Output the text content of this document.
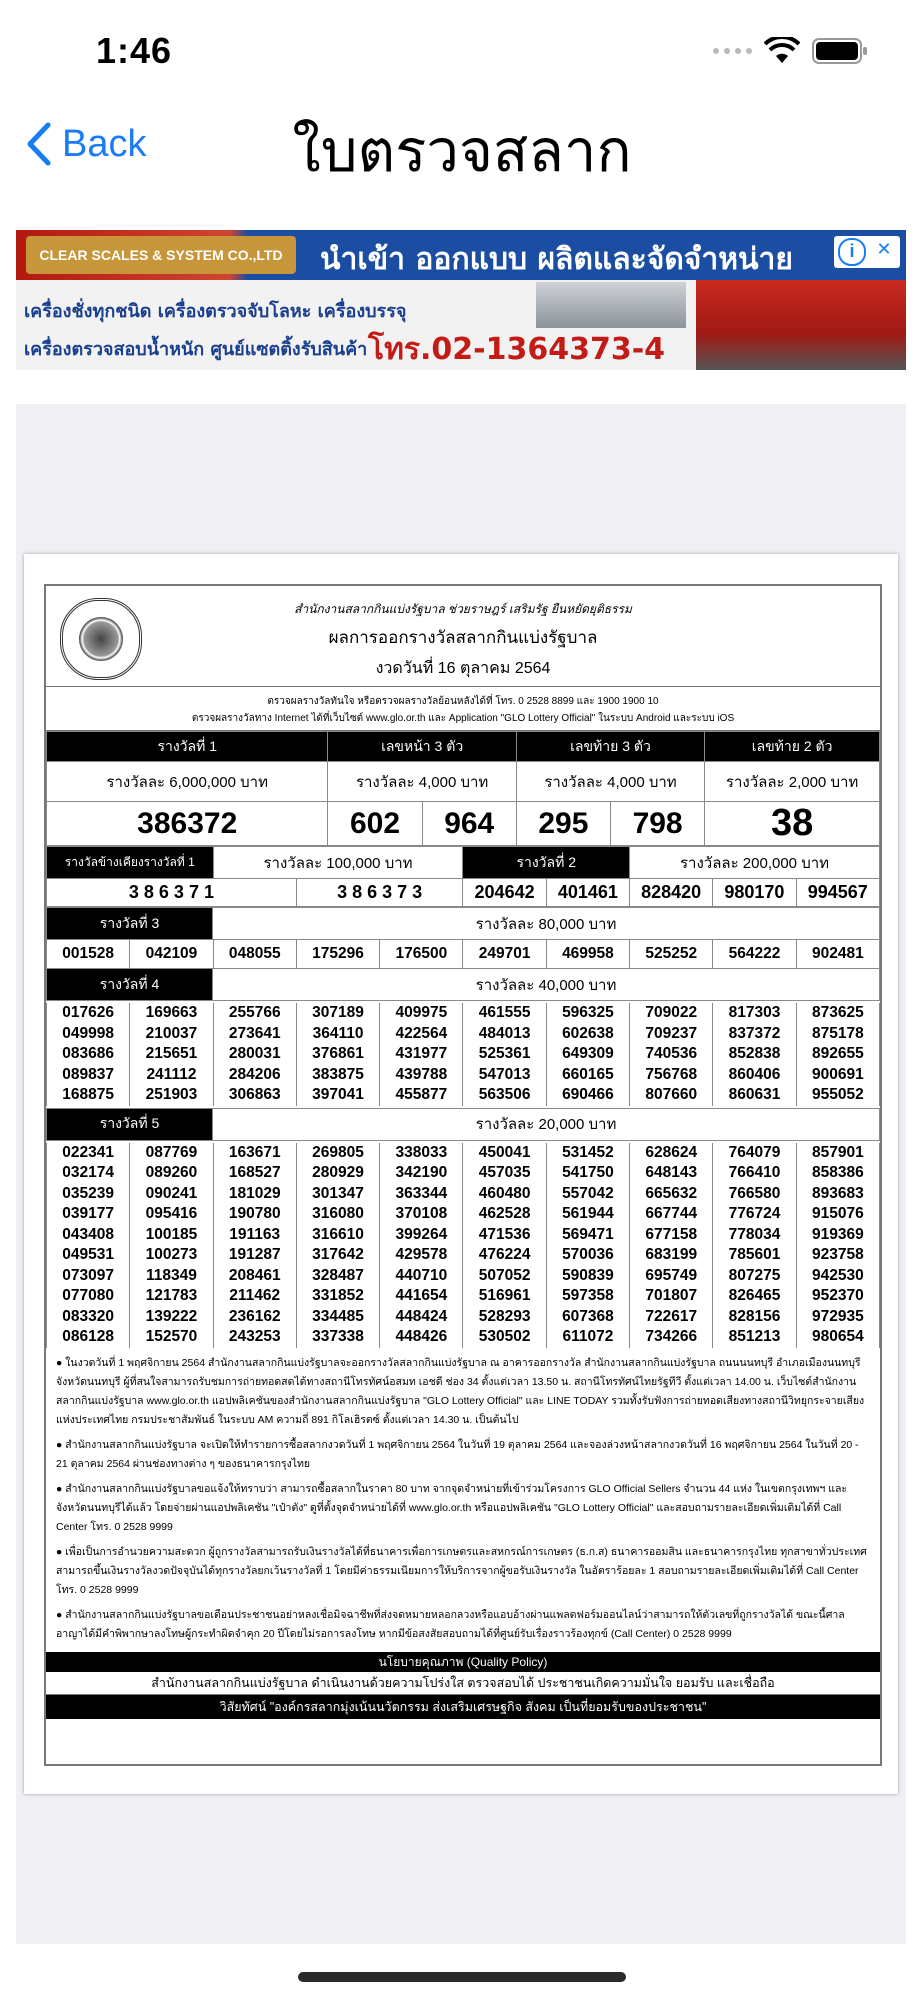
1:46
Back	ใบตรวจสลาก
CLEAR SCALES & SYSTEM CO.,LTD	นำเข้า ออกแบบ ผลิตและจัดจำหน่าย
เครื่องชั่งทุกชนิด เครื่องตรวจจับโลหะ เครื่องบรรจุ
เครื่องตรวจสอบน้ำหนัก ศูนย์แซตติ้งรับสินค้า โทร.02-1364373-4
i	✕
สำนักงานสลากกินแบ่งรัฐบาล ช่วยราษฎร์ เสริมรัฐ ยืนหยัดยุติธรรม
ผลการออกรางวัลสลากกินแบ่งรัฐบาล
งวดวันที่ 16 ตุลาคม 2564
ตรวจผลรางวัลทันใจ หรือตรวจผลรางวัลย้อนหลังได้ที่ โทร. 0 2528 8899 และ 1900 1900 10
ตรวจผลรางวัลทาง Internet ได้ที่เว็บไซต์ www.glo.or.th และ Application "GLO Lottery Official" ในระบบ Android และระบบ iOS
รางวัลที่ 1	เลขหน้า 3 ตัว		เลขท้าย 3 ตัว		เลขท้าย 2 ตัว
รางวัลละ 6,000,000 บาท	รางวัลละ 4,000 บาท		รางวัลละ 4,000 บาท		รางวัลละ 2,000 บาท
386372	602	964	295	798	38
รางวัลข้างเคียงรางวัลที่ 1	รางวัลละ 100,000 บาท		รางวัลที่ 2		รางวัลละ 200,000 บาท		
3 8 6 3 7 1		3 8 6 3 7 3	204642	401461	828420	980170	994567
รางวัลที่ 3	รางวัลละ 80,000 บาท
001528	042109	048055	175296	176500	249701	469958	525252	564222	902481
รางวัลที่ 4	รางวัลละ 40,000 บาท
017626	169663	255766	307189	409975	461555	596325	709022	817303	873625
049998	210037	273641	364110	422564	484013	602638	709237	837372	875178
083686	215651	280031	376861	431977	525361	649309	740536	852838	892655
089837	241112	284206	383875	439788	547013	660165	756768	860406	900691
168875	251903	306863	397041	455877	563506	690466	807660	860631	955052
รางวัลที่ 5	รางวัลละ 20,000 บาท
022341	087769	163671	269805	338033	450041	531452	628624	764079	857901
032174	089260	168527	280929	342190	457035	541750	648143	766410	858386
035239	090241	181029	301347	363344	460480	557042	665632	766580	893683
039177	095416	190780	316080	370108	462528	561944	667744	776724	915076
043408	100185	191163	316610	399264	471536	569471	677158	778034	919369
049531	100273	191287	317642	429578	476224	570036	683199	785601	923758
073097	118349	208461	328487	440710	507052	590839	695749	807275	942530
077080	121783	211462	331852	441654	516961	597358	701807	826465	952370
083320	139222	236162	334485	448424	528293	607368	722617	828156	972935
086128	152570	243253	337338	448426	530502	611072	734266	851213	980654

● ในงวดวันที่ 1 พฤศจิกายน 2564 สำนักงานสลากกินแบ่งรัฐบาลจะออกรางวัลสลากกินแบ่งรัฐบาล ณ อาคารออกรางวัล สำนักงานสลากกินแบ่งรัฐบาล ถนนนนทบุรี อำเภอเมืองนนทบุรี จังหวัดนนทบุรี ผู้ที่สนใจสามารถรับชมการถ่ายทอดสดได้ทางสถานีโทรทัศน์อสมท เอชดี ช่อง 34 ตั้งแต่เวลา 13.50 น. สถานีโทรทัศน์ไทยรัฐทีวี ตั้งแต่เวลา 14.00 น. เว็บไซต์สำนักงานสลากกินแบ่งรัฐบาล www.glo.or.th แอปพลิเคชันของสำนักงานสลากกินแบ่งรัฐบาล "GLO Lottery Official" และ LINE TODAY รวมทั้งรับฟังการถ่ายทอดเสียงทางสถานีวิทยุกระจายเสียงแห่งประเทศไทย กรมประชาสัมพันธ์ ในระบบ AM ความถี่ 891 กิโลเฮิรตซ์ ตั้งแต่เวลา 14.30 น. เป็นต้นไป

● สำนักงานสลากกินแบ่งรัฐบาล จะเปิดให้ทำรายการซื้อสลากงวดวันที่ 1 พฤศจิกายน 2564 ในวันที่ 19 ตุลาคม 2564 และจองล่วงหน้าสลากงวดวันที่ 16 พฤศจิกายน 2564 ในวันที่ 20 - 21 ตุลาคม 2564 ผ่านช่องทางต่าง ๆ ของธนาคารกรุงไทย

● สำนักงานสลากกินแบ่งรัฐบาลขอแจ้งให้ทราบว่า สามารถซื้อสลากในราคา 80 บาท จากจุดจำหน่ายที่เข้าร่วมโครงการ GLO Official Sellers จำนวน 44 แห่ง ในเขตกรุงเทพฯ และจังหวัดนนทบุรีได้แล้ว โดยจ่ายผ่านแอปพลิเคชัน "เป๋าตัง" ดูที่ตั้งจุดจำหน่ายได้ที่ www.glo.or.th หรือแอปพลิเคชัน "GLO Lottery Official" และสอบถามรายละเอียดเพิ่มเติมได้ที่ Call Center โทร. 0 2528 9999

● เพื่อเป็นการอำนวยความสะดวก ผู้ถูกรางวัลสามารถรับเงินรางวัลได้ที่ธนาคารเพื่อการเกษตรและสหกรณ์การเกษตร (ธ.ก.ส) ธนาคารออมสิน และธนาคารกรุงไทย ทุกสาขาทั่วประเทศ สามารถขึ้นเงินรางวัลงวดปัจจุบันได้ทุกรางวัลยกเว้นรางวัลที่ 1 โดยมีค่าธรรมเนียมการให้บริการจากผู้ขอรับเงินรางวัล ในอัตราร้อยละ 1 สอบถามรายละเอียดเพิ่มเติมได้ที่ Call Center โทร. 0 2528 9999

● สำนักงานสลากกินแบ่งรัฐบาลขอเตือนประชาชนอย่าหลงเชื่อมิจฉาชีพที่ส่งจดหมายหลอกลวงหรือแอบอ้างผ่านแพลตฟอร์มออนไลน์ว่าสามารถให้ตัวเลขที่ถูกรางวัลได้ ขณะนี้ศาลอาญาได้มีคำพิพากษาลงโทษผู้กระทำผิดจำคุก 20 ปีโดยไม่รอการลงโทษ หากมีข้อสงสัยสอบถามได้ที่ศูนย์รับเรื่องราวร้องทุกข์ (Call Center) 0 2528 9999

นโยบายคุณภาพ (Quality Policy)
สำนักงานสลากกินแบ่งรัฐบาล ดำเนินงานด้วยความโปร่งใส ตรวจสอบได้ ประชาชนเกิดความมั่นใจ ยอมรับ และเชื่อถือ
วิสัยทัศน์ "องค์กรสลากมุ่งเน้นนวัตกรรม ส่งเสริมเศรษฐกิจ สังคม เป็นที่ยอมรับของประชาชน"
